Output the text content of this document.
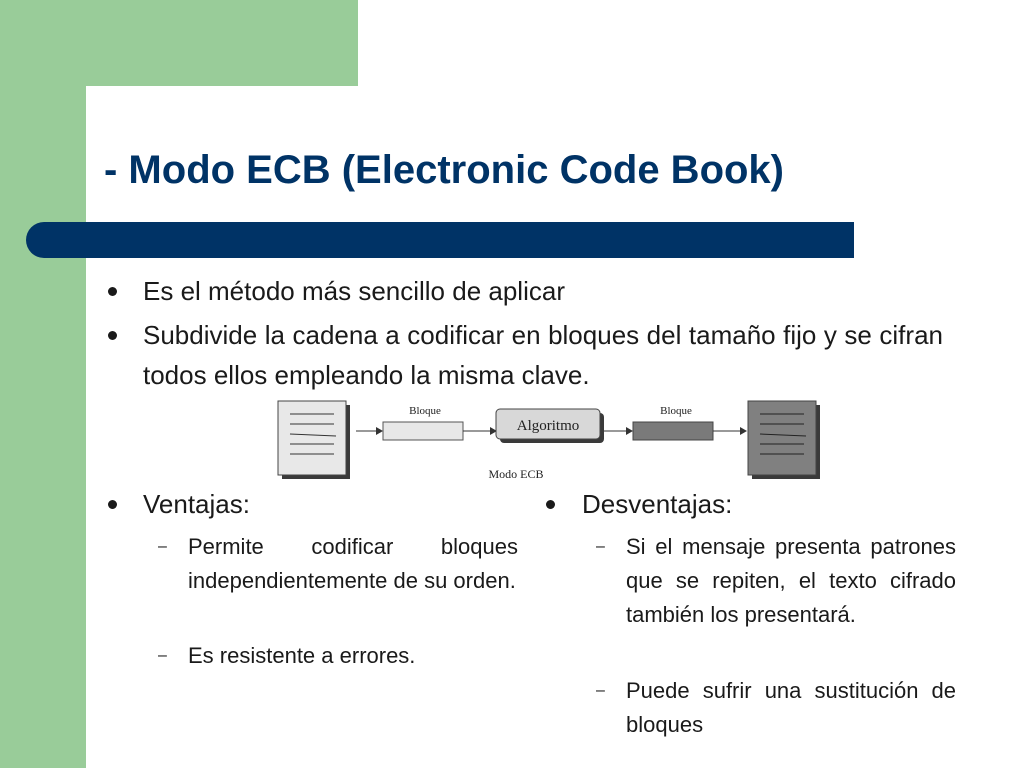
- Modo ECB (Electronic Code Book)
Es el método más sencillo de aplicar
Subdivide la cadena a codificar en bloques del tamaño fijo y se cifran todos ellos empleando la misma clave.
Bloque
Algoritmo
Bloque
Modo ECB
Ventajas:
– Permite codificar bloques independientemente de su orden.
– Es resistente a errores.
Desventajas:
– Si el mensaje presenta patrones que se repiten, el texto cifrado también los presentará.
– Puede sufrir una sustitución de bloques
